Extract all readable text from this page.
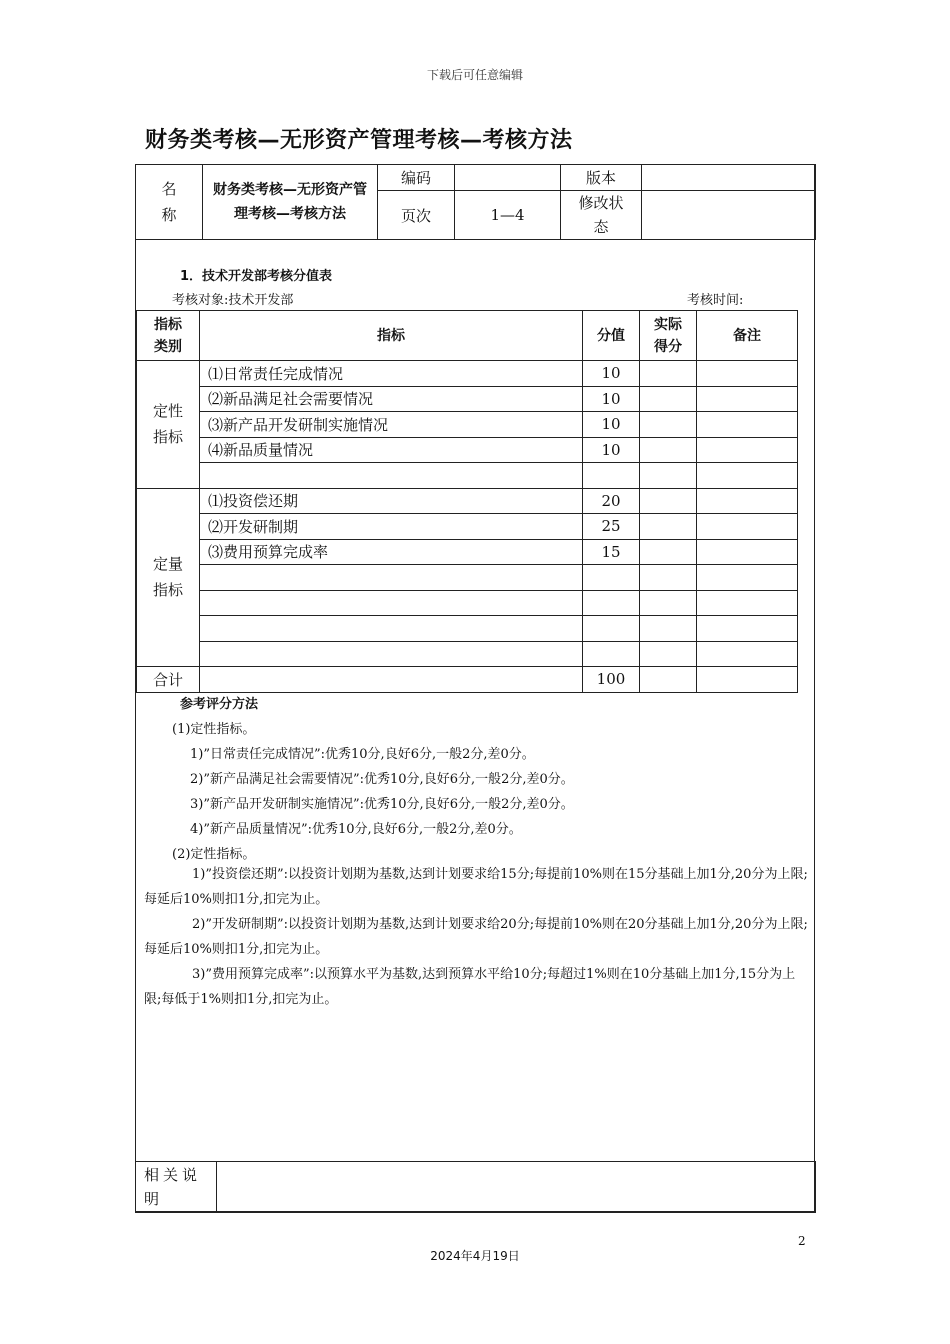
下载后可任意编辑
财务类考核—无形资产管理考核—考核方法
名称	财务类考核—无形资产管理考核—考核方法	编码		版本	
		页次	1—4	修改状态	

1．技术开发部考核分值表
考核对象:技术开发部	考核时间:
指标类别	指标	分值	实际得分	备注

定性指标	⑴日常责任完成情况	10		
	⑵新品满足社会需要情况	10		
	⑶新产品开发研制实施情况	10		
	⑷新品质量情况	10		

定量指标	⑴投资偿还期	20		
	⑵开发研制期	25		
	⑶费用预算完成率	15		

合计		100		
参考评分方法
(1)定性指标。
1)”日常责任完成情况”:优秀10分,良好6分,一般2分,差0分。
2)”新产品满足社会需要情况”:优秀10分,良好6分,一般2分,差0分。
3)”新产品开发研制实施情况”:优秀10分,良好6分,一般2分,差0分。
4)”新产品质量情况”:优秀10分,良好6分,一般2分,差0分。
(2)定性指标。
1)”投资偿还期”:以投资计划期为基数,达到计划要求给15分;每提前10%则在15分基础上加1分,20分为上限;每延后10%则扣1分,扣完为止。
2)”开发研制期”:以投资计划期为基数,达到计划要求给20分;每提前10%则在20分基础上加1分,20分为上限;每延后10%则扣1分,扣完为止。
3)”费用预算完成率”:以预算水平为基数,达到预算水平给10分;每超过1%则在10分基础上加1分,15分为上限;每低于1%则扣1分,扣完为止。
相关说明

2
2024年4月19日
